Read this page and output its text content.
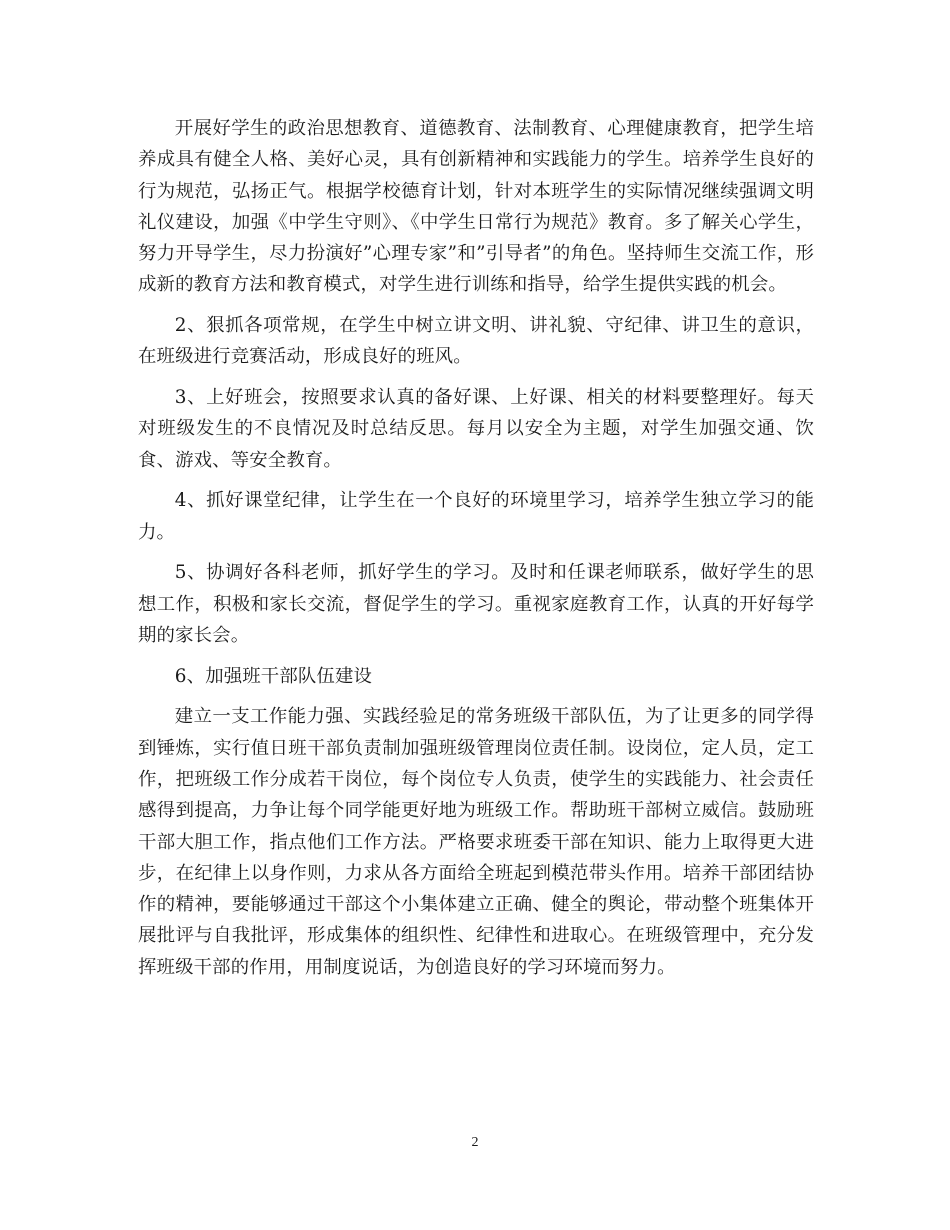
开展好学生的政治思想教育、道德教育、法制教育、心理健康教育，把学生培养成具有健全人格、美好心灵，具有创新精神和实践能力的学生。培养学生良好的行为规范，弘扬正气。根据学校德育计划，针对本班学生的实际情况继续强调文明礼仪建设，加强《中学生守则》、《中学生日常行为规范》教育。多了解关心学生，努力开导学生，尽力扮演好”心理专家”和”引导者”的角色。坚持师生交流工作，形成新的教育方法和教育模式，对学生进行训练和指导，给学生提供实践的机会。

2、狠抓各项常规，在学生中树立讲文明、讲礼貌、守纪律、讲卫生的意识，在班级进行竞赛活动，形成良好的班风。

3、上好班会，按照要求认真的备好课、上好课、相关的材料要整理好。每天对班级发生的不良情况及时总结反思。每月以安全为主题，对学生加强交通、饮食、游戏、等安全教育。

4、抓好课堂纪律，让学生在一个良好的环境里学习，培养学生独立学习的能力。

5、协调好各科老师，抓好学生的学习。及时和任课老师联系，做好学生的思想工作，积极和家长交流，督促学生的学习。重视家庭教育工作，认真的开好每学期的家长会。

6、加强班干部队伍建设

建立一支工作能力强、实践经验足的常务班级干部队伍，为了让更多的同学得到锤炼，实行值日班干部负责制加强班级管理岗位责任制。设岗位，定人员，定工作，把班级工作分成若干岗位，每个岗位专人负责，使学生的实践能力、社会责任感得到提高，力争让每个同学能更好地为班级工作。帮助班干部树立威信。鼓励班干部大胆工作，指点他们工作方法。严格要求班委干部在知识、能力上取得更大进步，在纪律上以身作则，力求从各方面给全班起到模范带头作用。培养干部团结协作的精神，要能够通过干部这个小集体建立正确、健全的舆论，带动整个班集体开展批评与自我批评，形成集体的组织性、纪律性和进取心。在班级管理中，充分发挥班级干部的作用，用制度说话，为创造良好的学习环境而努力。

2
